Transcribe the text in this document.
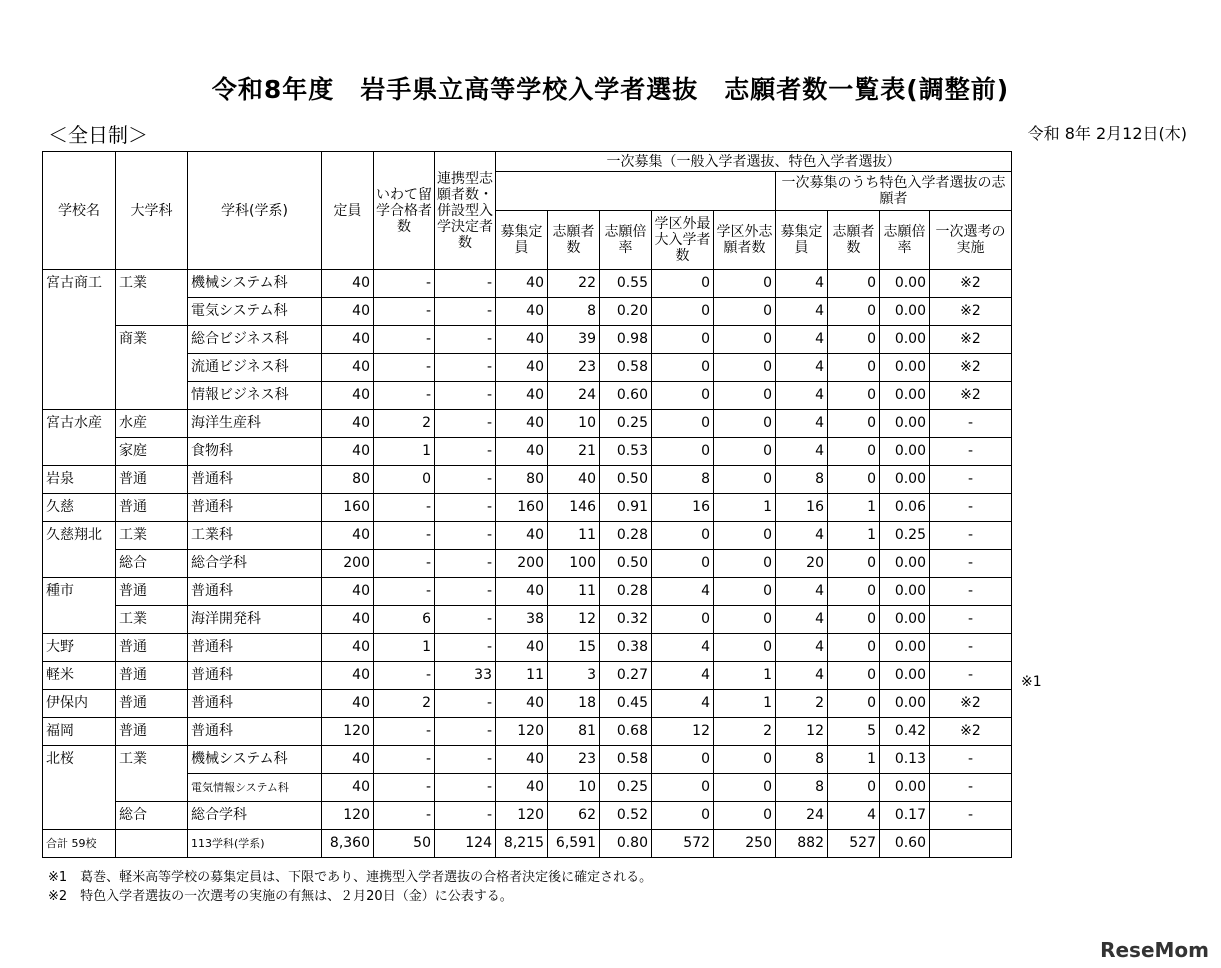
令和8年度　岩手県立高等学校入学者選抜　志願者数一覧表(調整前)
＜全日制＞	令和 8年 2月12日(木)
学校名	大学科	学科(学系)	定員	いわて留学合格者数	連携型志願者数・併設型入学決定者数	一次募集（一般入学者選抜、特色入学者選抜）								
											一次募集のうち特色入学者選抜の志願者			
						募集定員	志願者数	志願倍率	学区外最大入学者数	学区外志願者数	募集定員	志願者数	志願倍率	一次選考の実施
宮古商工	工業	機械システム科	40	-	-	40	22	0.55	0	0	4	0	0.00	※2
		電気システム科	40	-	-	40	8	0.20	0	0	4	0	0.00	※2
	商業	総合ビジネス科	40	-	-	40	39	0.98	0	0	4	0	0.00	※2
		流通ビジネス科	40	-	-	40	23	0.58	0	0	4	0	0.00	※2
		情報ビジネス科	40	-	-	40	24	0.60	0	0	4	0	0.00	※2
宮古水産	水産	海洋生産科	40	2	-	40	10	0.25	0	0	4	0	0.00	-
	家庭	食物科	40	1	-	40	21	0.53	0	0	4	0	0.00	-
岩泉	普通	普通科	80	0	-	80	40	0.50	8	0	8	0	0.00	-
久慈	普通	普通科	160	-	-	160	146	0.91	16	1	16	1	0.06	-
久慈翔北	工業	工業科	40	-	-	40	11	0.28	0	0	4	1	0.25	-
	総合	総合学科	200	-	-	200	100	0.50	0	0	20	0	0.00	-
種市	普通	普通科	40	-	-	40	11	0.28	4	0	4	0	0.00	-
	工業	海洋開発科	40	6	-	38	12	0.32	0	0	4	0	0.00	-
大野	普通	普通科	40	1	-	40	15	0.38	4	0	4	0	0.00	-
軽米	普通	普通科	40	-	33	11	3	0.27	4	1	4	0	0.00	-
伊保内	普通	普通科	40	2	-	40	18	0.45	4	1	2	0	0.00	※2
福岡	普通	普通科	120	-	-	120	81	0.68	12	2	12	5	0.42	※2
北桜	工業	機械システム科	40	-	-	40	23	0.58	0	0	8	1	0.13	-
		電気情報システム科	40	-	-	40	10	0.25	0	0	8	0	0.00	-
	総合	総合学科	120	-	-	120	62	0.52	0	0	24	4	0.17	-
合計 59校		113学科(学系)	8,360	50	124	8,215	6,591	0.80	572	250	882	527	0.60	
※1
※1　葛巻、軽米高等学校の募集定員は、下限であり、連携型入学者選抜の合格者決定後に確定される。
※2　特色入学者選抜の一次選考の実施の有無は、２月20日（金）に公表する。
ReseMom
